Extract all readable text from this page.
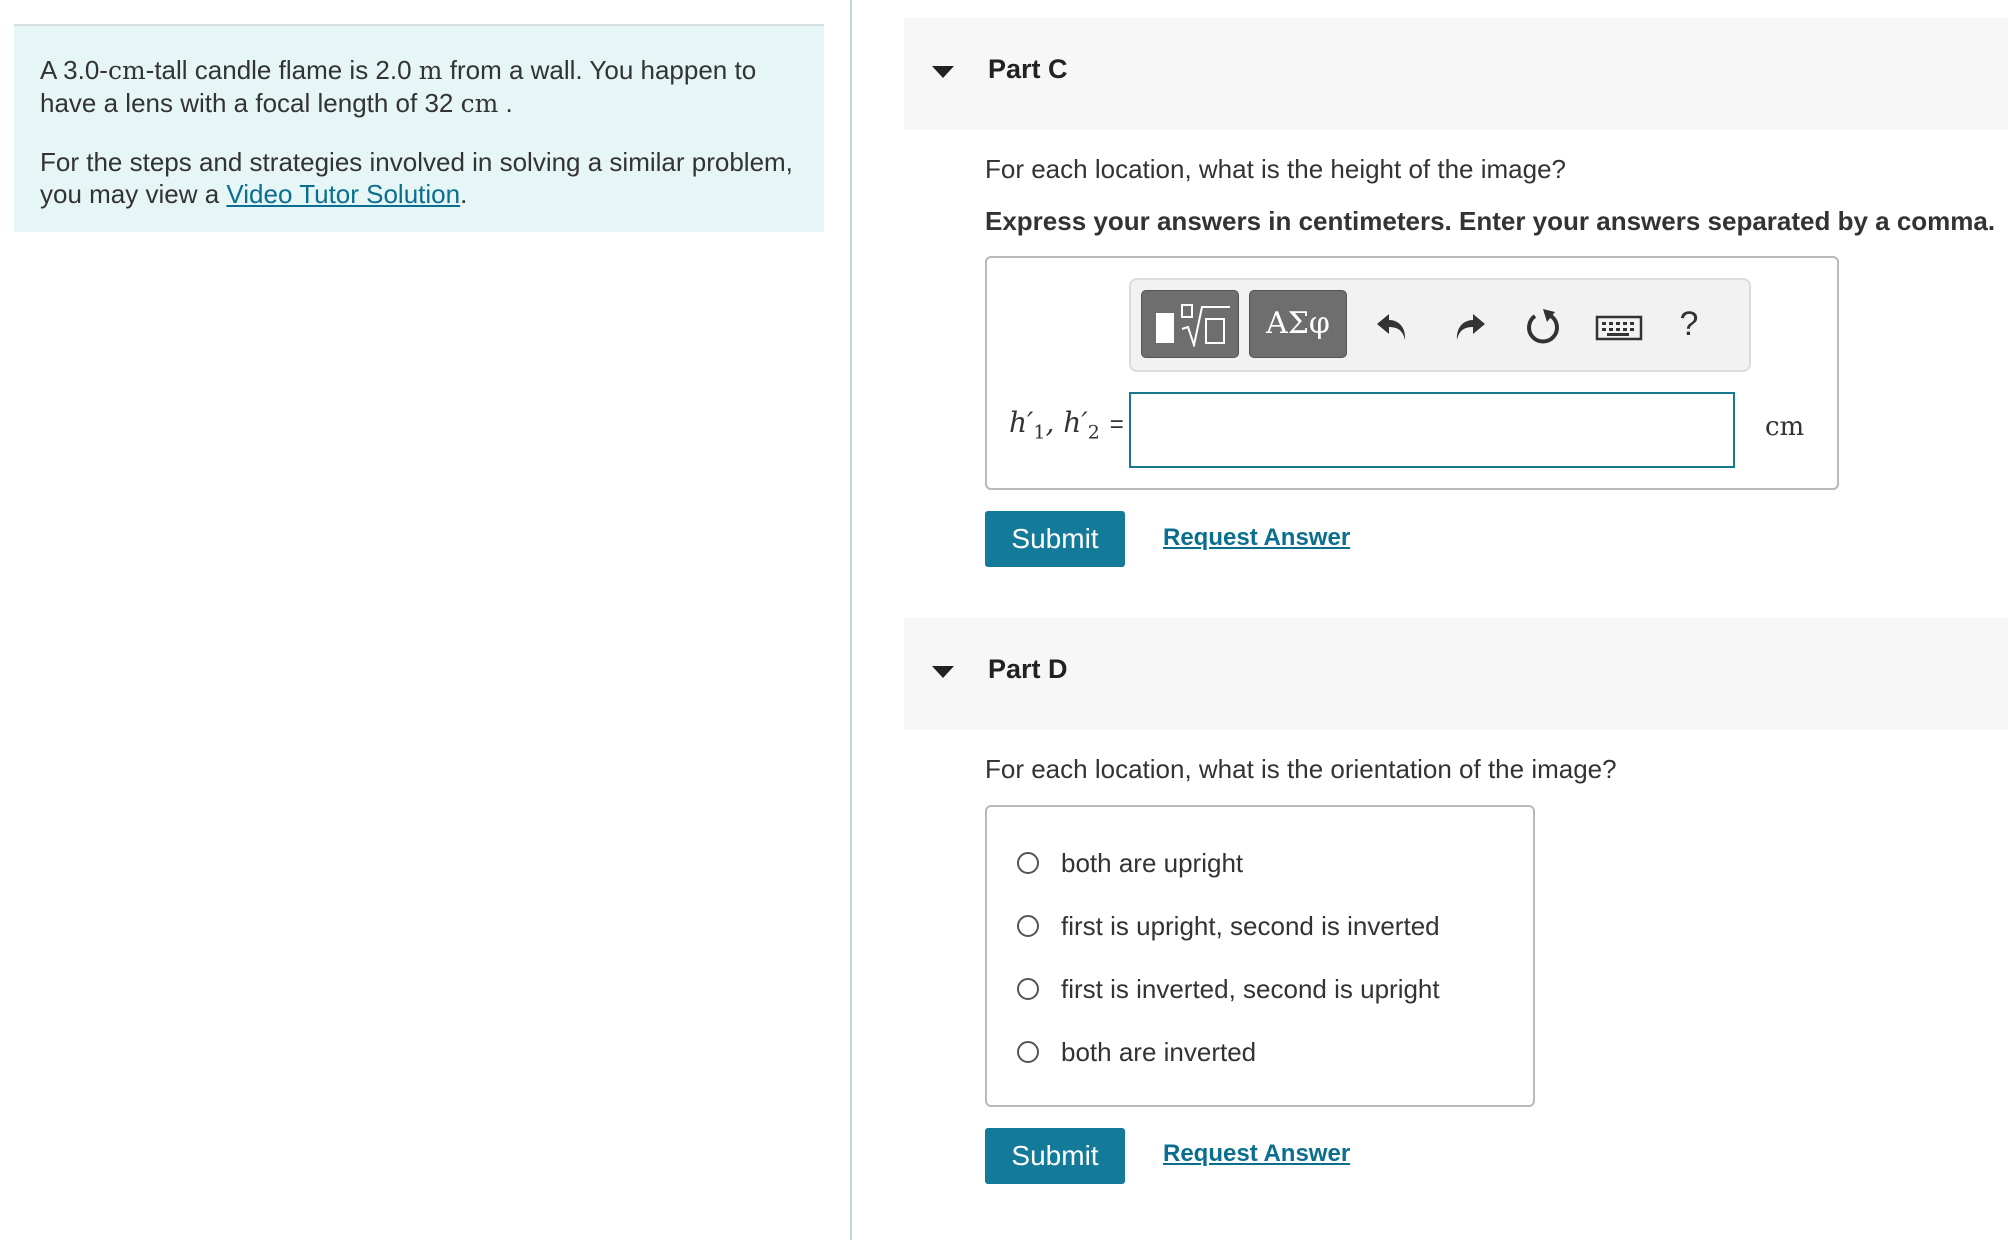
A 3.0-cm-tall candle flame is 2.0 m from a wall. You happen to have a lens with a focal length of 32 cm .

For the steps and strategies involved in solving a similar problem, you may view a Video Tutor Solution.

Part C
For each location, what is the height of the image?
Express your answers in centimeters. Enter your answers separated by a comma.
ΑΣφ	?
$h'_1$, $h'_2$ =	cm
Submit	Request Answer
Part D
For each location, what is the orientation of the image?
both are upright
first is upright, second is inverted
first is inverted, second is upright
both are inverted
Submit	Request Answer
